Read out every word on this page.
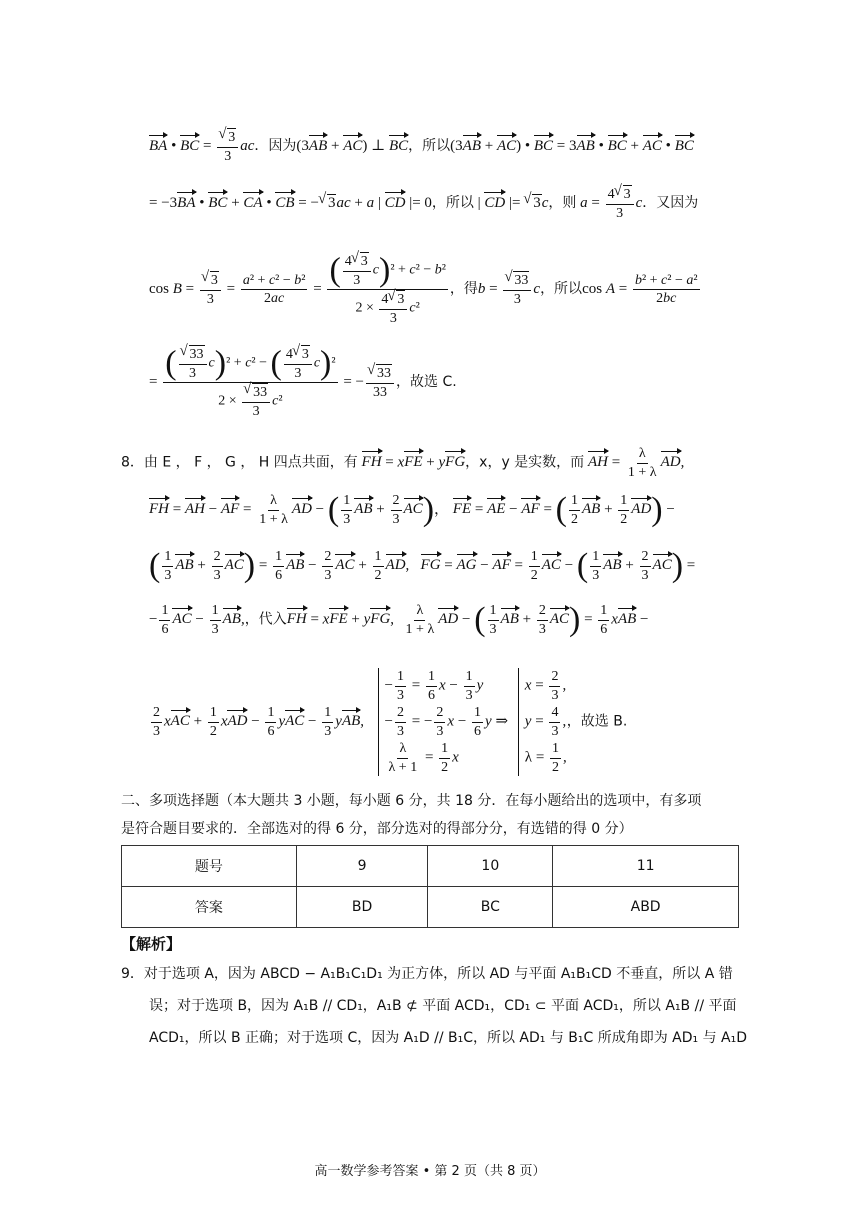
BA • BC = √ $\frac{3}{3}$ ac．因为(3AB + AC) ⊥ BC，所以(3AB + AC) • BC = 3AB • BC + AC • BC
= −3BA • BC + CA • CB = − √ 3ac + a | CD |= 0，所以 | CD |= √ 3c，则 $a = \frac{4 √ 3}{3}$ c．又因为
cos B = √ $\frac{3}{3} = \frac{\text{a² + c² − b²}}{2ac} = \frac{( \frac{4 √ 3}{3} c)^2 + c^2 - b^2}{2 \times \frac{4 √ 3}{3} c^2}$ ，得b = √ $\frac{33}{3}$ c，所以$\cos A = \frac{\text{b² + c² − a²}}{2bc}$
= $\frac{( √ \frac{33}{3} c)^2 + c^2 - ( \frac{4 √ 3}{3} c)^2}{2 \times √ \frac{33}{3} c^2}$ = − √ $\frac{33}{33}$ ，故选 C.
8．由 E ， F ， G ， H 四点共面，有 FH = xFE + yFG，x，y 是实数，而 AH = $\frac{\lambda}{1 + \lambda}$ AD,
FH = AH − AF = $\frac{\lambda}{1 + \lambda}$ AD − ( $\frac{1}{3}$ AB + $\frac{2}{3} AC$)， FE = AE − AF = ( $\frac{1}{2}$ AB + $\frac{1}{2} AD$) −
( $\frac{1}{3}$ AB + $\frac{2}{3} AC) = \frac{1}{6}$ AB − $\frac{2}{3}$ AC + $\frac{1}{2}$ AD,   FG = AG − AF = $\frac{1}{2}$ AC − ( $\frac{1}{3}$ AB + $\frac{2}{3} AC$) =
− $\frac{1}{6}$ AC − $\frac{1}{3}$ AB,，代入FH = xFE + yFG, $\frac{\lambda}{1 + \lambda}$ AD − ( $\frac{1}{3}$ AB + $\frac{2}{3} AC) = \frac{1}{6}$ xAB −
$\frac{2}{3}$ xAC + $\frac{1}{2}$ xAD − $\frac{1}{6}$ yAC − $\frac{1}{3}$ yAB,
− $\frac{1}{3} = \frac{1}{6}$ $x - \frac{1}{3}$ y
− $\frac{2}{3}$ = − $\frac{2}{3}$ $x - \frac{1}{6}$ y ⇒
$\frac{\lambda}{\lambda + 1} = \frac{1}{2}$ x

$x = \frac{2}{3}$ ,
$y = \frac{4}{3}$ ,
$\lambda = \frac{1}{2}$ ,
，故选 B.
二、多项选择题（本大题共 3 小题，每小题 6 分，共 18 分．在每小题给出的选项中，有多项
是符合题目要求的．全部选对的得 6 分，部分选对的得部分分，有选错的得 0 分）
题号	9	10	11
答案	BD	BC	ABD
【解析】
9．对于选项 A，因为 ABCD − A₁B₁C₁D₁ 为正方体，所以 AD 与平面 A₁B₁CD 不垂直，所以 A 错
误；对于选项 B，因为 A₁B // CD₁，A₁B ⊄ 平面 ACD₁，CD₁ ⊂ 平面 ACD₁，所以 A₁B // 平面
ACD₁，所以 B 正确；对于选项 C，因为 A₁D // B₁C，所以 AD₁ 与 B₁C 所成角即为 AD₁ 与 A₁D
高一数学参考答案 • 第 2 页（共 8 页）
